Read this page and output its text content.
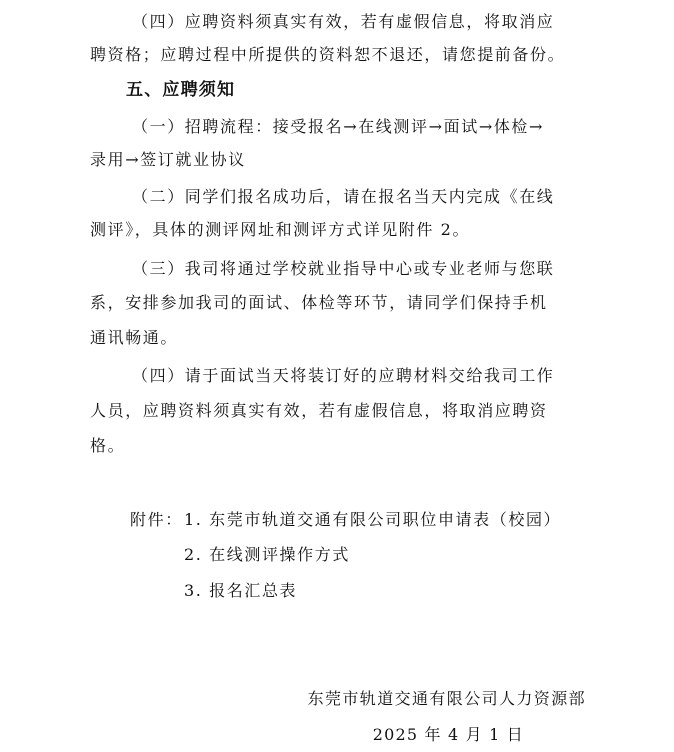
（四）应聘资料须真实有效，若有虚假信息，将取消应
聘资格；应聘过程中所提供的资料恕不退还，请您提前备份。
五、应聘须知
（一）招聘流程：接受报名→在线测评→面试→体检→
录用→签订就业协议
（二）同学们报名成功后，请在报名当天内完成《在线
测评》，具体的测评网址和测评方式详见附件 2。
（三）我司将通过学校就业指导中心或专业老师与您联
系，安排参加我司的面试、体检等环节，请同学们保持手机
通讯畅通。
（四）请于面试当天将装订好的应聘材料交给我司工作
人员，应聘资料须真实有效，若有虚假信息，将取消应聘资
格。
附件： 1. 东莞市轨道交通有限公司职位申请表（校园）
2. 在线测评操作方式
3. 报名汇总表
东莞市轨道交通有限公司人力资源部
2025 年 4 月 1 日
